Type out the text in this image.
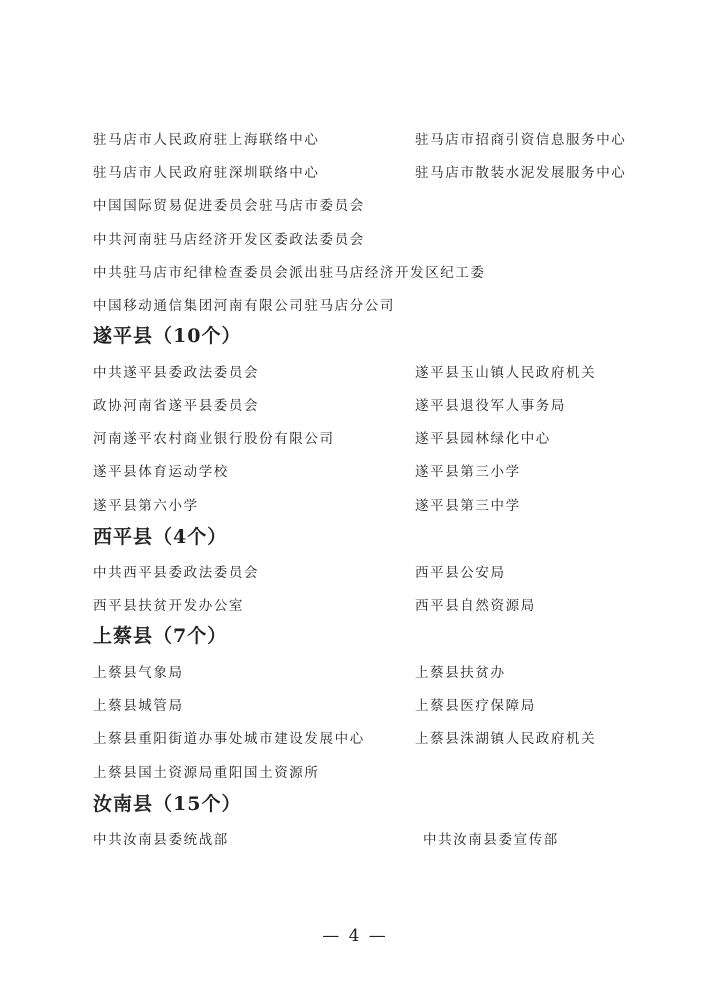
驻马店市人民政府驻上海联络中心	驻马店市招商引资信息服务中心
驻马店市人民政府驻深圳联络中心	驻马店市散装水泥发展服务中心
中国国际贸易促进委员会驻马店市委员会
中共河南驻马店经济开发区委政法委员会
中共驻马店市纪律检查委员会派出驻马店经济开发区纪工委
中国移动通信集团河南有限公司驻马店分公司
遂平县（10个）
中共遂平县委政法委员会	遂平县玉山镇人民政府机关
政协河南省遂平县委员会	遂平县退役军人事务局
河南遂平农村商业银行股份有限公司	遂平县园林绿化中心
遂平县体育运动学校	遂平县第三小学
遂平县第六小学	遂平县第三中学
西平县（4个）
中共西平县委政法委员会	西平县公安局
西平县扶贫开发办公室	西平县自然资源局
上蔡县（7个）
上蔡县气象局	上蔡县扶贫办
上蔡县城管局	上蔡县医疗保障局
上蔡县重阳街道办事处城市建设发展中心	上蔡县洙湖镇人民政府机关
上蔡县国土资源局重阳国土资源所
汝南县（15个）
中共汝南县委统战部	中共汝南县委宣传部
— 4 —
